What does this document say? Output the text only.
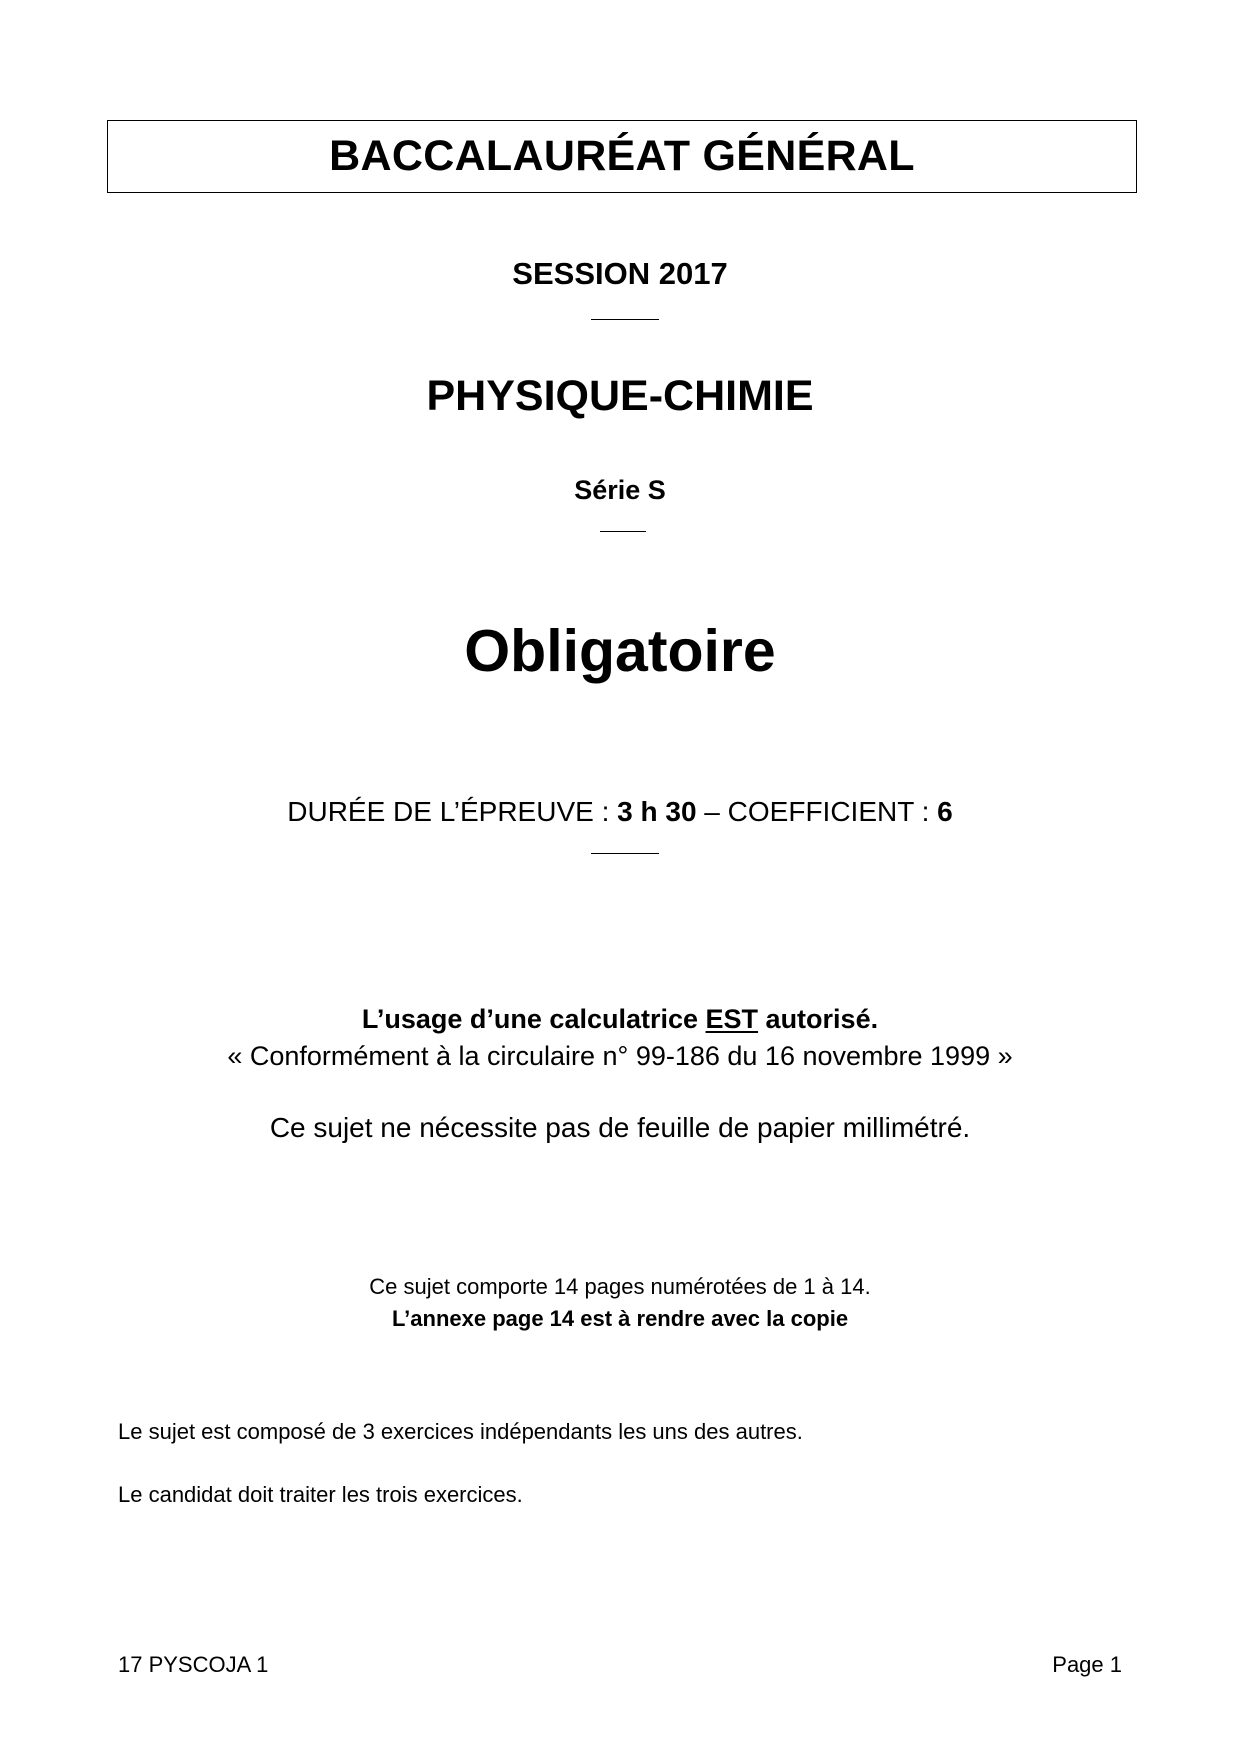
BACCALAURÉAT GÉNÉRAL
SESSION 2017
PHYSIQUE-CHIMIE
Série S
Obligatoire
DURÉE DE L’ÉPREUVE : 3 h 30 – COEFFICIENT : 6
L’usage d’une calculatrice EST autorisé.
« Conformément à la circulaire n° 99-186 du 16 novembre 1999 »
Ce sujet ne nécessite pas de feuille de papier millimétré.
Ce sujet comporte 14 pages numérotées de 1 à 14.
L’annexe page 14 est à rendre avec la copie
Le sujet est composé de 3 exercices indépendants les uns des autres.
Le candidat doit traiter les trois exercices.
17 PYSCOJA 1	Page 1
